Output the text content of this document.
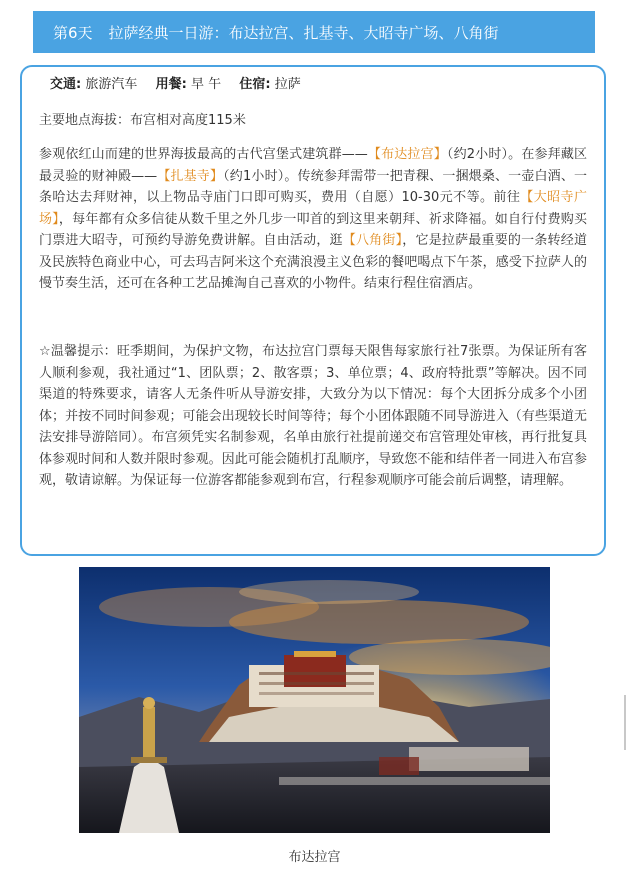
第6天 拉萨经典一日游：布达拉宫、扎基寺、大昭寺广场、八角街
交通: 旅游汽车 用餐: 早 午 住宿: 拉萨
主要地点海拔：布宫相对高度115米
参观依红山而建的世界海拔最高的古代宫堡式建筑群——【布达拉宫】（约2小时）。在参拜藏区最灵验的财神殿——【扎基寺】（约1小时）。传统参拜需带一把青稞、一捆煨桑、一壶白酒、一条哈达去拜财神，以上物品寺庙门口即可购买，费用（自愿）10-30元不等。前往【大昭寺广场】，每年都有众多信徒从数千里之外几步一叩首的到这里来朝拜、祈求降福。如自行付费购买门票进大昭寺，可预约导游免费讲解。自由活动，逛【八角街】，它是拉萨最重要的一条转经道及民族特色商业中心，可去玛吉阿米这个充满浪漫主义色彩的餐吧喝点下午茶，感受下拉萨人的慢节奏生活，还可在各种工艺品摊淘自己喜欢的小物件。结束行程住宿酒店。
☆温馨提示：旺季期间，为保护文物，布达拉宫门票每天限售每家旅行社7张票。为保证所有客人顺利参观，我社通过“1、团队票；2、散客票；3、单位票；4、政府特批票”等解决。因不同渠道的特殊要求，请客人无条件听从导游安排，大致分为以下情况：每个大团拆分成多个小团体；并按不同时间参观；可能会出现较长时间等待；每个小团体跟随不同导游进入（有些渠道无法安排导游陪同）。布宫须凭实名制参观，名单由旅行社提前递交布宫管理处审核，再行批复具体参观时间和人数并限时参观。因此可能会随机打乱顺序，导致您不能和结伴者一同进入布宫参观，敬请谅解。为保证每一位游客都能参观到布宫，行程参观顺序可能会前后调整，请理解。
布达拉宫
